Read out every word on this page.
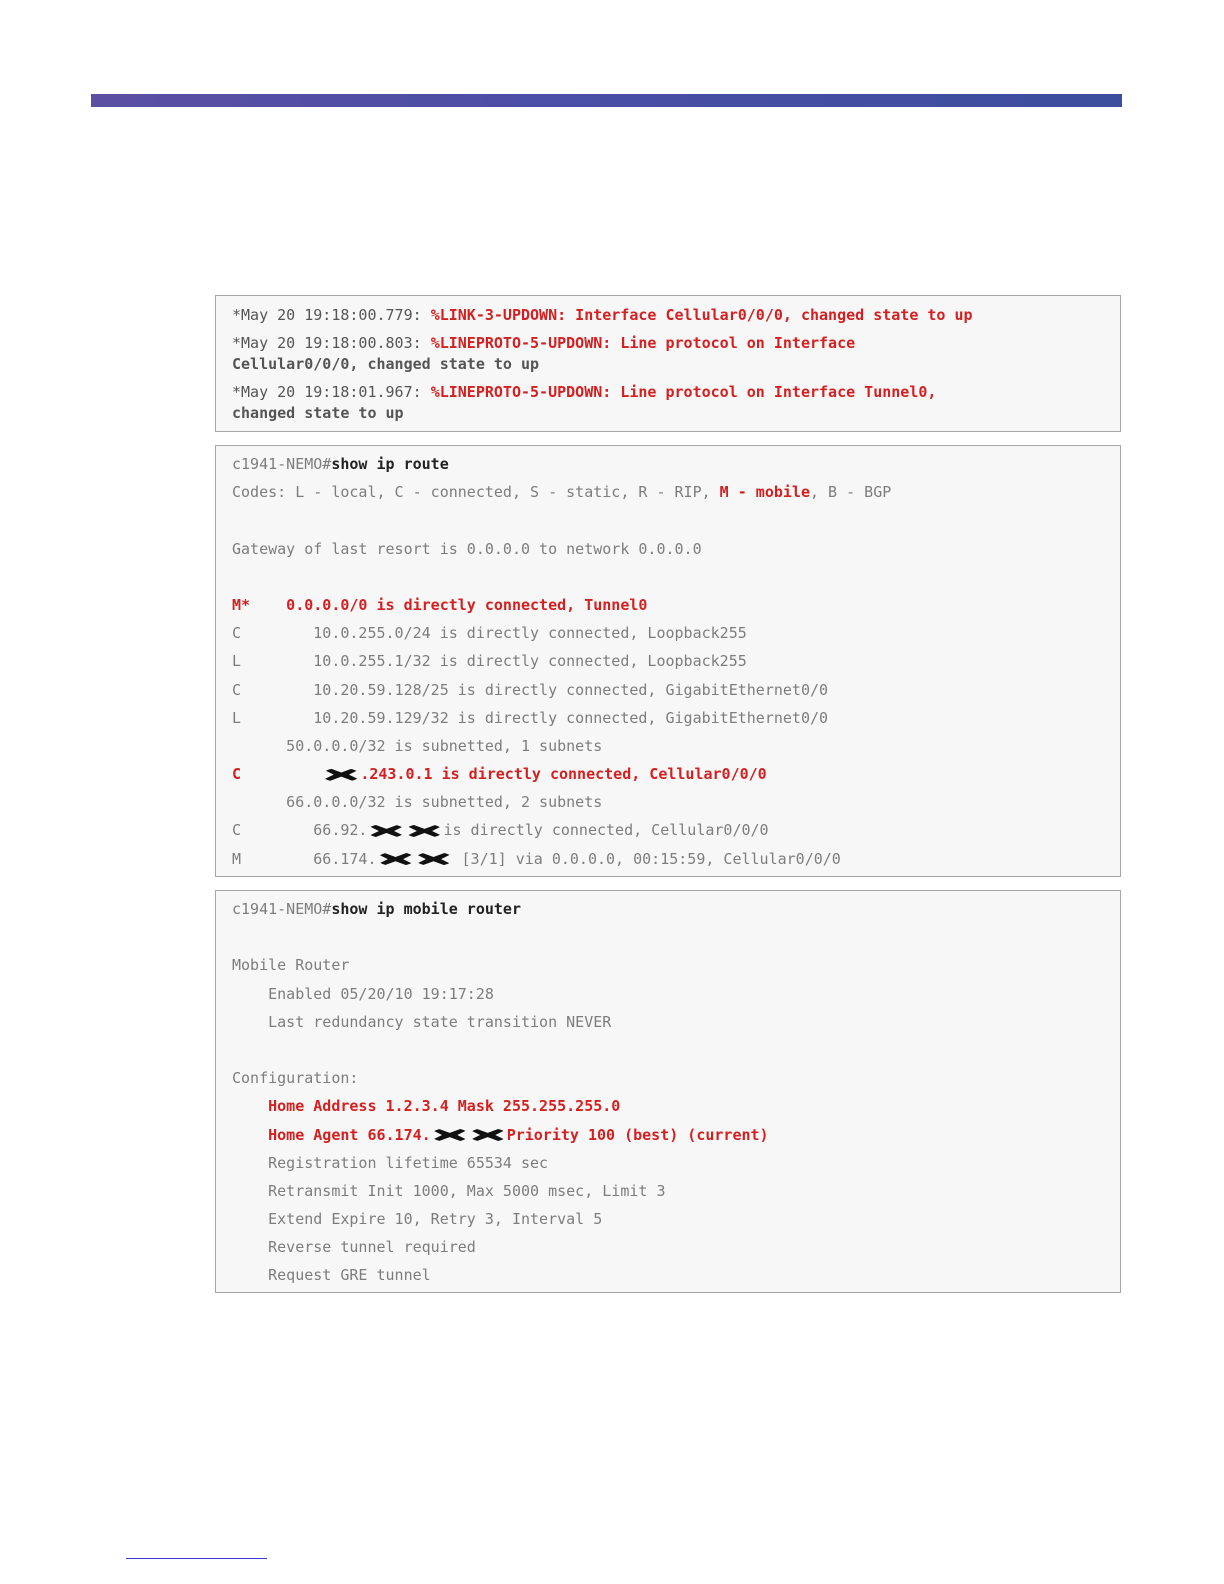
*May 20 19:18:00.779: %LINK-3-UPDOWN: Interface Cellular0/0/0, changed state to up
*May 20 19:18:00.803: %LINEPROTO-5-UPDOWN: Line protocol on Interface
Cellular0/0/0, changed state to up
*May 20 19:18:01.967: %LINEPROTO-5-UPDOWN: Line protocol on Interface Tunnel0,
changed state to up
c1941-NEMO#show ip route
Codes: L - local, C - connected, S - static, R - RIP, M - mobile, B - BGP
Gateway of last resort is 0.0.0.0 to network 0.0.0.0
M*    0.0.0.0/0 is directly connected, Tunnel0
C        10.0.255.0/24 is directly connected, Loopback255
L        10.0.255.1/32 is directly connected, Loopback255
C        10.20.59.128/25 is directly connected, GigabitEthernet0/0
L        10.20.59.129/32 is directly connected, GigabitEthernet0/0
50.0.0.0/32 is subnetted, 1 subnets
C	.243.0.1 is directly connected, Cellular0/0/0
66.0.0.0/32 is subnetted, 2 subnets
C        66.92.	is directly connected, Cellular0/0/0
M        66.174.	[3/1] via 0.0.0.0, 00:15:59, Cellular0/0/0
c1941-NEMO#show ip mobile router
Mobile Router
Enabled 05/20/10 19:17:28
Last redundancy state transition NEVER
Configuration:
Home Address 1.2.3.4 Mask 255.255.255.0
Home Agent 66.174.	Priority 100 (best) (current)
Registration lifetime 65534 sec
Retransmit Init 1000, Max 5000 msec, Limit 3
Extend Expire 10, Retry 3, Interval 5
Reverse tunnel required
Request GRE tunnel
